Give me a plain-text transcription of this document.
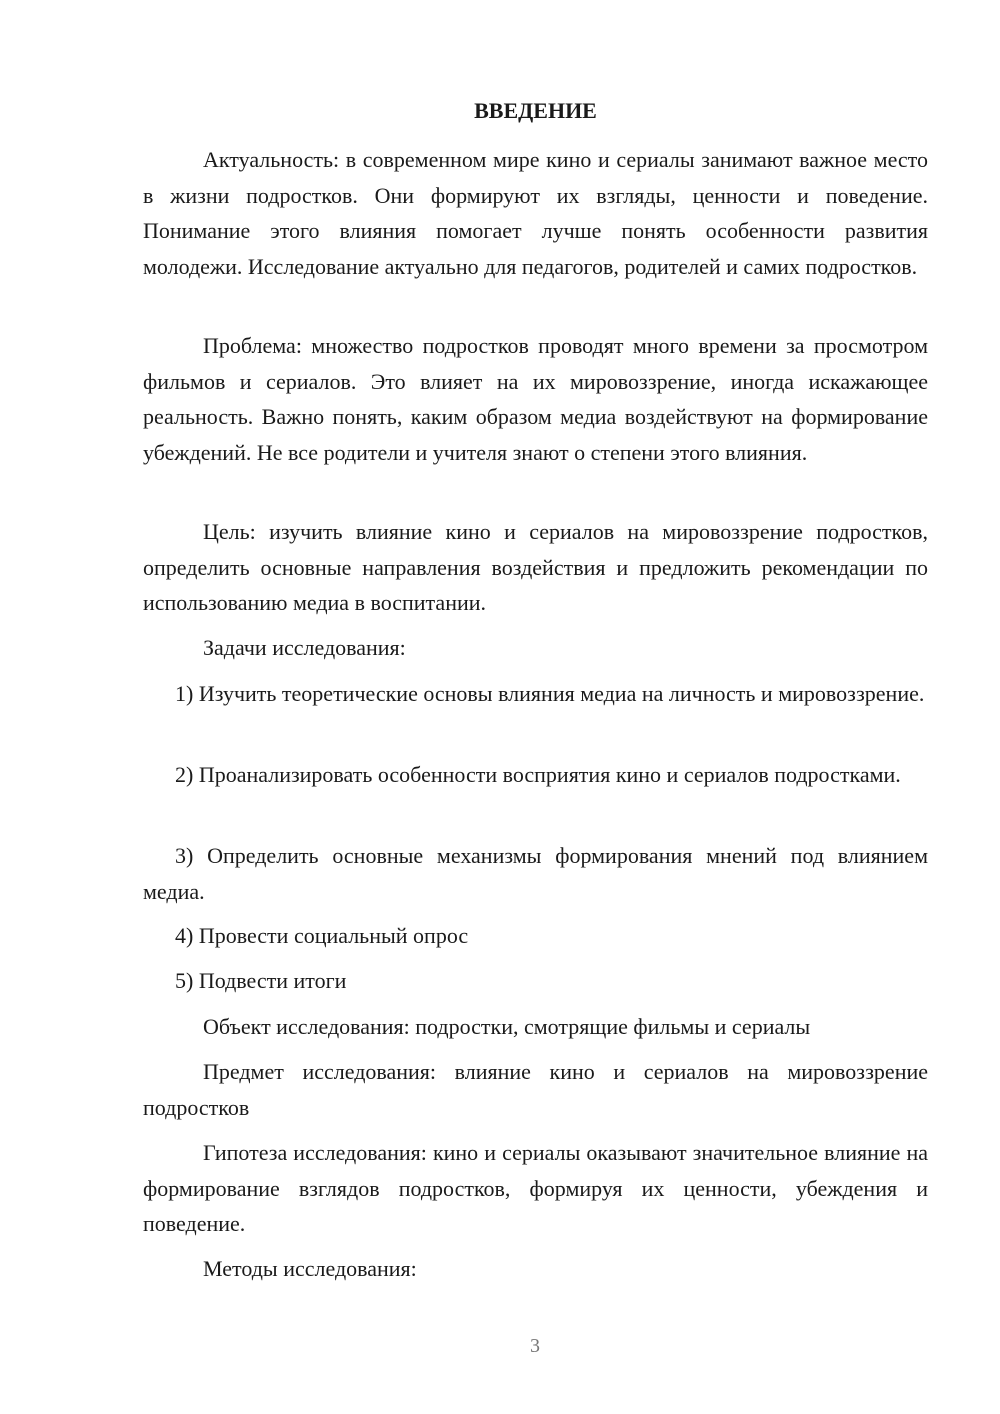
ВВЕДЕНИЕ

Актуальность: в современном мире кино и сериалы занимают важное место в жизни подростков. Они формируют их взгляды, ценности и поведение. Понимание этого влияния помогает лучше понять особенности развития молодежи. Исследование актуально для педагогов, родителей и самих подростков.

Проблема: множество подростков проводят много времени за просмотром фильмов и сериалов. Это влияет на их мировоззрение, иногда искажающее реальность. Важно понять, каким образом медиа воздействуют на формирование убеждений. Не все родители и учителя знают о степени этого влияния.

Цель: изучить влияние кино и сериалов на мировоззрение подростков, определить основные направления воздействия и предложить рекомендации по использованию медиа в воспитании.

Задачи исследования:

1) Изучить теоретические основы влияния медиа на личность и мировоззрение.

2) Проанализировать особенности восприятия кино и сериалов подростками.

3) Определить основные механизмы формирования мнений под влиянием медиа.

4) Провести социальный опрос

5) Подвести итоги

Объект исследования: подростки, смотрящие фильмы и сериалы

Предмет исследования: влияние кино и сериалов на мировоззрение подростков

Гипотеза исследования: кино и сериалы оказывают значительное влияние на формирование взглядов подростков, формируя их ценности, убеждения и поведение.

Методы исследования:

3
